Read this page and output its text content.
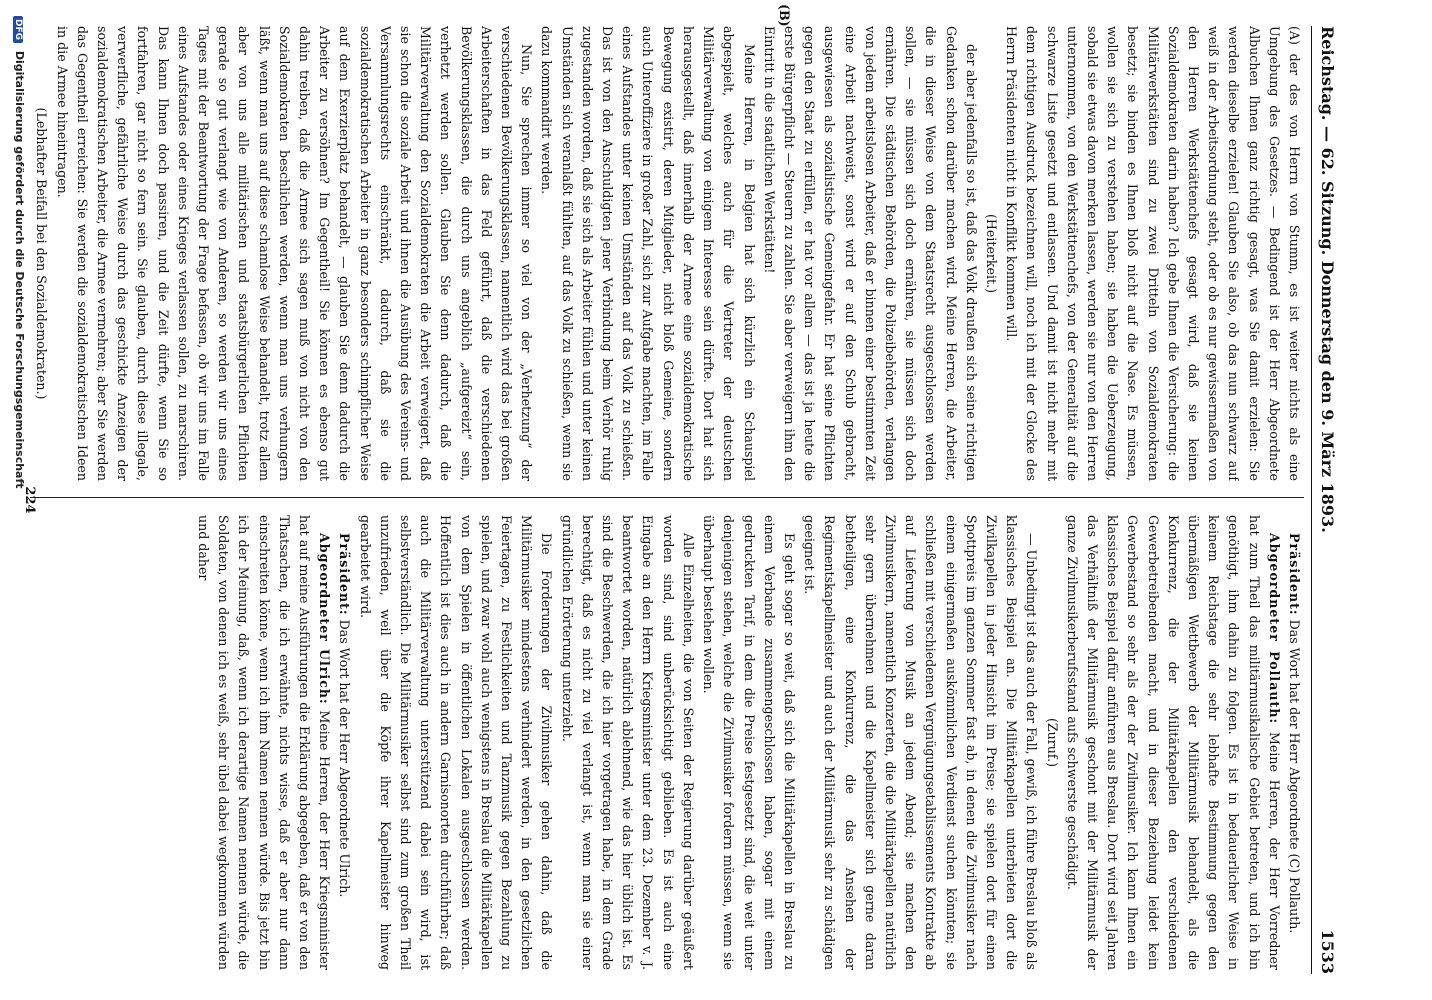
Reichstag. — 62. Sitzung. Donnerstag den 9. März 1893.
1533

(A) der des von Herrn von Stumm, es ist weiter nichts als eine Umgebung des Gesetzes. — Bedingend ist der Herr Abgeordnete Albuchen Ihnen ganz richtig gesagt, was Sie damit erzielen: Sie werden dieselbe erzielen! Glauben Sie also, ob das nun schwarz auf weiß in der Arbeitsordnung steht, oder ob es nur gewissermaßen von den Herren Werkstättenchefs gesagt wird, daß sie keinen Sozialdemokraten darin haben? Ich gebe Ihnen die Versicherung: die Militärwerkstätten sind zu zwei Dritteln von Sozialdemokraten besetzt; sie binden es Ihnen bloß nicht auf die Nase. Es müssen, wollen sie sich zu verstehen haben; sie haben die Ueberzeugung, sobald sie etwas davon merken lassen, werden sie nur von den Herren unternommen, von den Werkstättenchefs, von der Generalität auf die schwarze Liste gesetzt und entlassen. Und damit ist nicht mehr mit dem richtigen Ausdruck bezeichnen will, noch ich mit der Glocke des Herrn Präsidenten nicht in Konflikt kommen will.

(Heiterkeit.)

der aber jedenfalls so ist, daß das Volk draußen sich seine richtigen Gedanken schon darüber machen wird. Meine Herren, die Arbeiter, die in dieser Weise von dem Staatsrecht ausgeschlossen werden sollen, — sie müssen sich doch ernähren, sie müssen sich doch ernähren. Die städtischen Behörden, die Polizeibehörden, verlangen von jedem arbeitslosen Arbeiter, daß er binnen einer bestimmten Zeit eine Arbeit nachweist, sonst wird er auf den Schub gebracht, ausgewiesen als sozialistische Gemeingefahr. Er hat seine Pflichten gegen den Staat zu erfüllen, er hat vor allem — das ist ja heute die erste Bürgerpflicht — Steuern zu zahlen. Sie aber verweigern ihm den Eintritt in die staatlichen Werkstätten!

Meine Herren, in Belgien hat sich kürzlich ein Schauspiel abgespielt, welches auch für die Vertreter der deutschen Militärverwaltung von einigem Interesse sein dürfte. Dort hat sich herausgestellt, daß innerhalb der Armee eine sozialdemokratische Bewegung existirt, deren Mitglieder, nicht bloß Gemeine, sondern auch Unteroffiziere in großer Zahl, sich zur Aufgabe machten, im Falle eines Aufstandes unter keinen Umständen auf das Volk zu schießen. Das ist von den Anschuldigten jener Verbindung beim Verhör ruhig zugestanden worden, daß sie sich als Arbeiter fühlen und unter keinen Umständen sich veranlaßt fühlten, auf das Volk zu schießen, wenn sie dazu kommandirt werden.

Nun, Sie sprechen immer so viel von der „Verhetzung“ der verschiedenen Bevölkerungsklassen, namentlich wird das bei großen Arbeiterschaften in das Feld geführt, daß die verschiedenen Bevölkerungsklassen, die durch uns angeblich „aufgereizt“ sein, verhetzt werden sollen. Glauben Sie denn dadurch, daß die Militärverwaltung den Sozialdemokraten die Arbeit verweigert, daß sie schon die soziale Arbeit und ihnen die Ausübung des Vereins- und Versammlungsrechts einschränkt, dadurch, daß sie die sozialdemokratischen Arbeiter in ganz besonders schimpflicher Weise auf dem Exerzierplatz behandelt, — glauben Sie denn dadurch die Arbeiter zu versöhnen? Im Gegentheil! Sie können es ebenso gut dahin treiben, daß die Armee sich sagen muß von nicht von den Sozialdemokraten beschlichen werden, wenn man uns verhungern läßt, wenn man uns auf diese schamlose Weise behandelt, trotz allem aber von uns alle militärischen und staatsbürgerlichen Pflichten gerade so gut verlangt wie von Anderen, so werden wir uns eines Tages mit der Beantwortung der Frage befassen, ob wir uns im Falle eines Aufstandes oder eines Krieges verlassen sollen, zu marschiren. Das kann Ihnen doch passiren, und die Zeit dürfte, wenn Sie so fortfahren, gar nicht so fern sein. Sie glauben, durch diese illegale, verwerfliche, gefährliche Weise durch das geschickte Anzeigen der sozialdemokratischen Arbeiter, die Armee vermehren; aber Sie werden das Gegentheil erreichen: Sie werden die sozialdemokratischen Ideen in die Armee hineintragen.

(Lebhafter Beifall bei den Sozialdemokraten.)

Präsident: Das Wort hat der Herr Abgeordnete (C) Pollauth.

Abgeordneter Pollauth: Meine Herren, der Herr Vorredner hat zum Theil das militärmusikalische Gebiet betreten, und ich bin genöthigt, ihm dahin zu folgen. Es ist in bedauerlicher Weise in keinem Reichstage die sehr lebhafte Bestimmung gegen den übermäßigen Wettbewerb der Militärmusik behandelt, als die Konkurrenz, die der Militärkapellen den verschiedenen Gewerbetreibenden macht, und in dieser Beziehung leidet kein Gewerbestand so sehr als der der Zivilmusiker. Ich kann Ihnen ein klassisches Beispiel dafür anführen aus Breslau. Dort wird seit Jahren das Verhältniß der Militärmusik geschont mit der Militärmusik der ganze Zivilmusikerberufsstand aufs schwerste geschädigt.

(Zuruf.)

— Unbedingt ist das auch der Fall, gewiß, ich führe Breslau bloß als klassisches Beispiel an. Die Militärkapellen unterbieten dort die Zivilkapellen in jeder Hinsicht im Preise; sie spielen dort für einen Spottpreis im ganzen Sommer fast ab, in denen die Zivilmusiker nach einem einigermaßen auskömmlichen Verdienst suchen könnten; sie schließen mit verschiedenen Vergnügungsetablissements Kontrakte ab auf Lieferung von Musik an jedem Abend; sie machen den Zivilmusikern, namentlich Konzerten, die die Militärkapellen natürlich sehr gern übernehmen und die Kapellmeister sich gerne daran betheiligen, eine Konkurrenz, die das Ansehen der Regimentskapellmeister und auch der Militärmusik sehr zu schädigen geeignet ist.

Es geht sogar so weit, daß sich die Militärkapellen in Breslau zu einem Verbande zusammengeschlossen haben, sogar mit einem gedruckten Tarif, in dem die Preise festgesetzt sind, die weit unter denjenigen stehen, welche die Zivilmusiker fordern müssen, wenn sie überhaupt bestehen wollen.

Alle Einzelheiten, die von Seiten der Regierung darüber geäußert worden sind, sind unberücksichtigt geblieben. Es ist auch eine Eingabe an den Herrn Kriegsminister unter dem 23. Dezember v. J. beantwortet worden, natürlich ablehnend, wie das hier üblich ist. Es sind die Beschwerden, die ich hier vorgetragen habe, in dem Grade berechtigt, daß es nicht zu viel verlangt ist, wenn man sie einer gründlichen Erörterung unterzieht.

Die Forderungen der Zivilmusiker gehen dahin, daß die Militärmusiker mindestens verhindert werden, in den gesetzlichen Feiertagen, zu Festlichkeiten und Tanzmusik gegen Bezahlung zu spielen, und zwar wohl auch wenigstens in Breslau die Militärkapellen von dem Spielen in öffentlichen Lokalen ausgeschlossen werden. Hoffentlich ist dies auch in andern Garnisonorten durchführbar; daß auch die Militärverwaltung unterstützend dabei sein wird, ist selbstverständlich. Die Militärmusiker selbst sind zum großen Theil unzufrieden, weil über die Köpfe ihrer Kapellmeister hinweg gearbeitet wird.

Präsident: Das Wort hat der Herr Abgeordnete Ulrich.

Abgeordneter Ulrich: Meine Herren, der Herr Kriegsminister hat auf meine Ausführungen die Erklärung abgegeben, daß er von den Thatsachen, die ich erwähnte, nichts wisse, daß er aber nur dann einschreiten könne, wenn ich ihm Namen nennen würde. Bis jetzt bin ich der Meinung, daß, wenn ich derartige Namen nennen würde, die Soldaten, von denen ich es weiß, sehr übel dabei wegkommen würden und daher

(B)
224
DFG Digitalisierung gefördert durch die Deutsche Forschungsgemeinschaft
